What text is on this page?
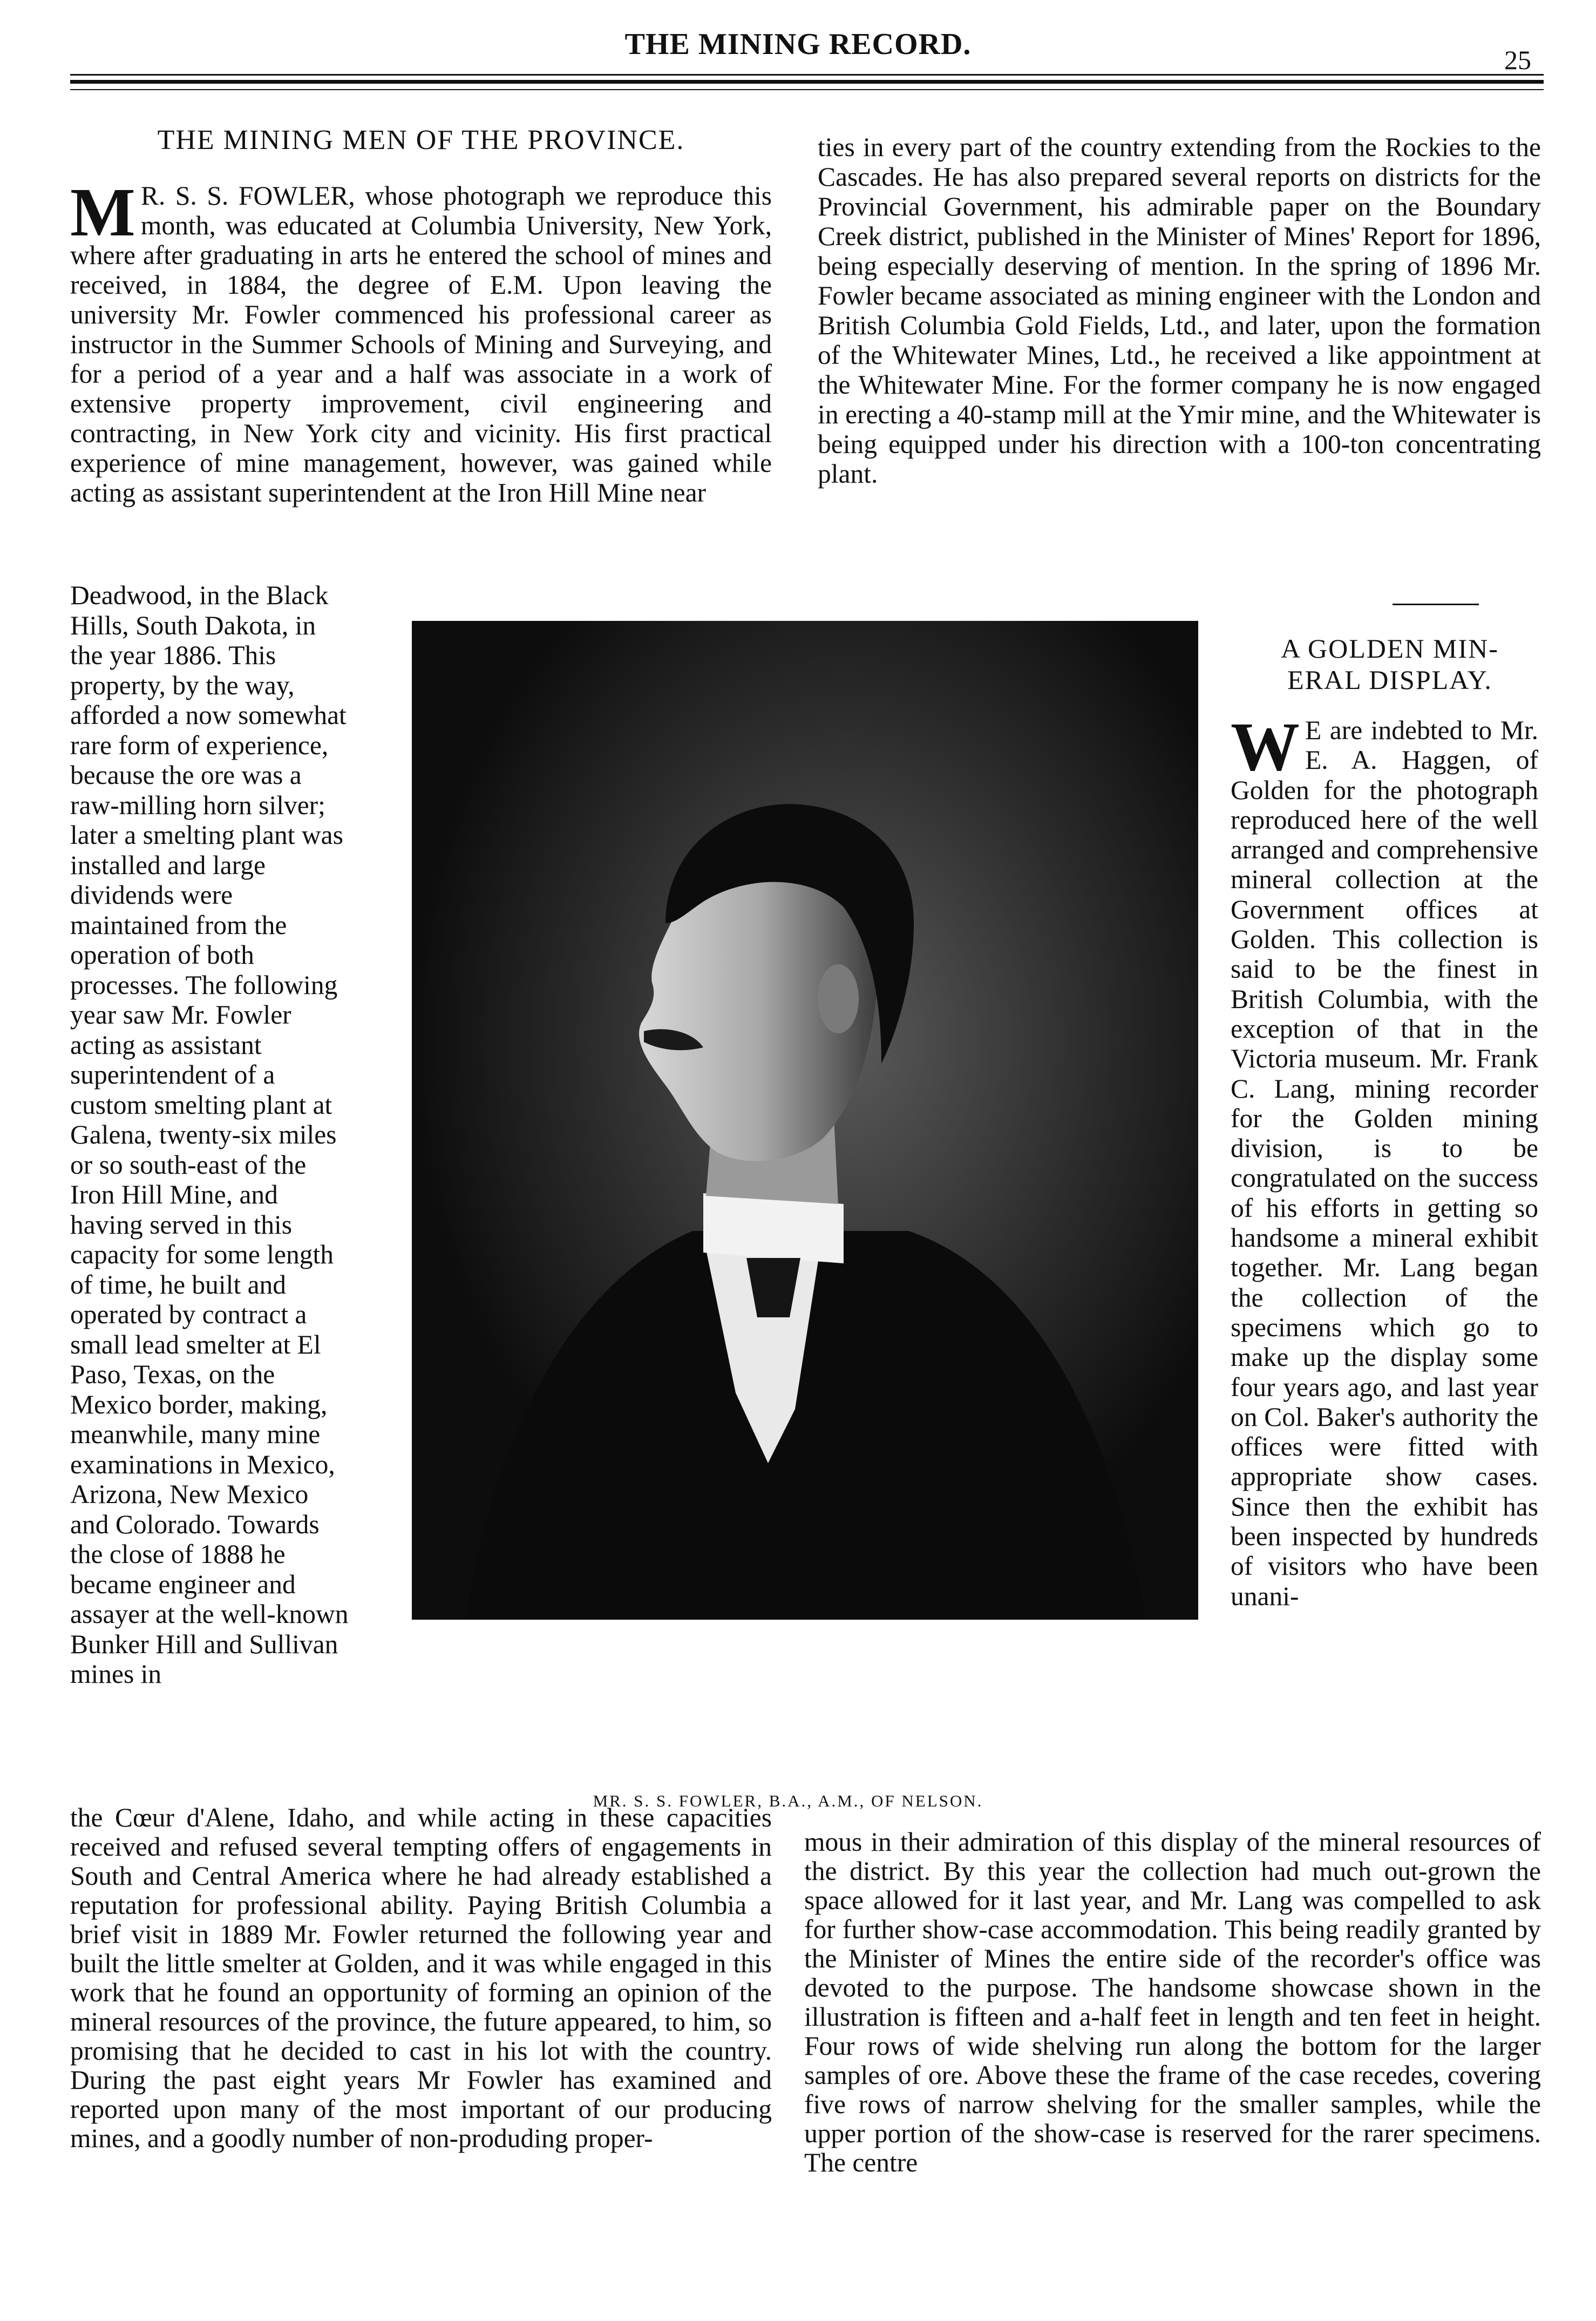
THE MINING RECORD.	25
THE MINING MEN OF THE PROVINCE.

M R. S. S. FOWLER, whose photograph we reproduce this month, was educated at Columbia University, New York, where after graduating in arts he entered the school of mines and received, in 1884, the degree of E.M. Upon leaving the university Mr. Fowler commenced his professional career as instructor in the Summer Schools of Mining and Surveying, and for a period of a year and a half was associate in a work of extensive property improvement, civil engineering and contracting, in New York city and vicinity. His first practical experience of mine management, however, was gained while acting as assistant superintendent at the Iron Hill Mine near

Deadwood, in the Black Hills, South Dakota, in the year 1886. This property, by the way, afforded a now somewhat rare form of experience, because the ore was a raw-milling horn silver; later a smelting plant was installed and large dividends were maintained from the operation of both processes. The following year saw Mr. Fowler acting as assistant superintendent of a custom smelting plant at Galena, twenty-six miles or so south-east of the Iron Hill Mine, and having served in this capacity for some length of time, he built and operated by contract a small lead smelter at El Paso, Texas, on the Mexico border, making, meanwhile, many mine examinations in Mexico, Arizona, New Mexico and Colorado. Towards the close of 1888 he became engineer and assayer at the well-known Bunker Hill and Sullivan mines in

the Cœur d'Alene, Idaho, and while acting in these capacities received and refused several tempting offers of engagements in South and Central America where he had already established a reputation for professional ability. Paying British Columbia a brief visit in 1889 Mr. Fowler returned the following year and built the little smelter at Golden, and it was while engaged in this work that he found an opportunity of forming an opinion of the mineral resources of the province, the future appeared, to him, so promising that he decided to cast in his lot with the country. During the past eight years Mr Fowler has examined and reported upon many of the most important of our producing mines, and a goodly number of non-produding proper-

ties in every part of the country extending from the Rockies to the Cascades. He has also prepared several reports on districts for the Provincial Government, his admirable paper on the Boundary Creek district, published in the Minister of Mines' Report for 1896, being especially deserving of mention. In the spring of 1896 Mr. Fowler became associated as mining engineer with the London and British Columbia Gold Fields, Ltd., and later, upon the formation of the Whitewater Mines, Ltd., he received a like appointment at the Whitewater Mine. For the former company he is now engaged in erecting a 40-stamp mill at the Ymir mine, and the Whitewater is being equipped under his direction with a 100-ton concentrating plant.

MR. S. S. FOWLER, B.A., A.M., OF NELSON.
A GOLDEN MIN-
ERAL DISPLAY.

W E are indebted to Mr. E. A. Haggen, of Golden for the photograph reproduced here of the well arranged and comprehensive mineral collection at the Government offices at Golden. This collection is said to be the finest in British Columbia, with the exception of that in the Victoria museum. Mr. Frank C. Lang, mining recorder for the Golden mining division, is to be congratulated on the success of his efforts in getting so handsome a mineral exhibit together. Mr. Lang began the collection of the specimens which go to make up the display some four years ago, and last year on Col. Baker's authority the offices were fitted with appropriate show cases. Since then the exhibit has been inspected by hundreds of visitors who have been unani-

mous in their admiration of this display of the mineral resources of the district. By this year the collection had much out-grown the space allowed for it last year, and Mr. Lang was compelled to ask for further show-case accommodation. This being readily granted by the Minister of Mines the entire side of the recorder's office was devoted to the purpose. The handsome showcase shown in the illustration is fifteen and a-half feet in length and ten feet in height. Four rows of wide shelving run along the bottom for the larger samples of ore. Above these the frame of the case recedes, covering five rows of narrow shelving for the smaller samples, while the upper portion of the show-case is reserved for the rarer specimens. The centre
